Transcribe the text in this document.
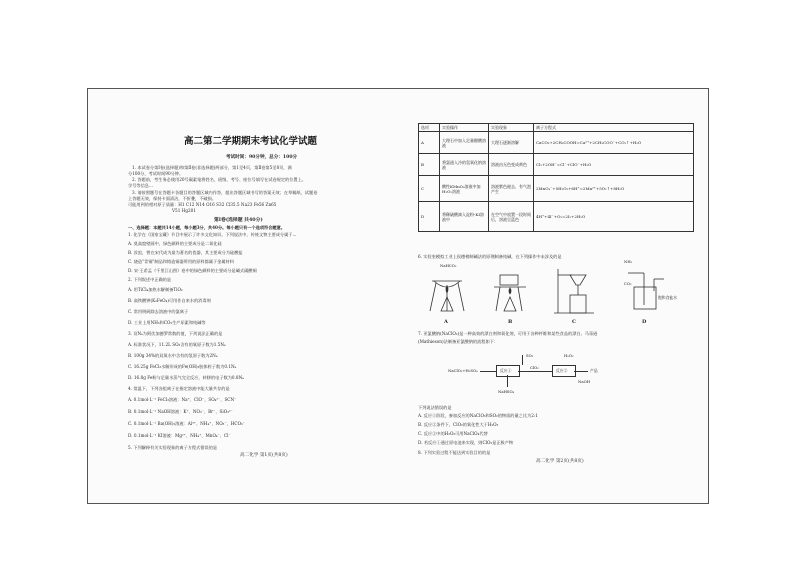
高二第二学期期末考试化学试题
考试时间：90分钟，总分：100分
1. 本试卷分第Ⅰ卷(选择题)和第Ⅱ卷(非选择题)两部分，第1至4页，第Ⅱ卷第5至8页，满
分100分，考试时间90分钟。
2. 答题前，考生务必使用20号碳素笔将姓名、班级、考号、座位号填写在试卷规定的位置上。
学号等信息...
3. 请按照题号在答题卡各题目的答题区域内作答，超出答题区域书写的答案无效；在草稿纸、试题卷
上答题无效，保持卡面清洁，不折叠，不破损。
可能用到的相对原子质量：H1 C12 N14 O16 S32 Cl35.5 Na23 Fe56 Zn65
V51 Hg201
第Ⅰ卷(选择题 共40分)
一、选择题：本题共14小题，每小题3分，共40分。每小题只有一个选项符合题意。
1. 化学在《国家宝藏》节目中展示了许多文化知识。下列说法中，传统文物主要成分属于...
A. 莫高窟壁画中，绿色颜料的主要成分是二氧化硅
B. 汝窑，曾在宋代成为最为著名的瓷器，其主要成分为硅酸盐
C. 烧造"青铜"制品和铸造铜器所用的原料都属于金属材料
D. 宋·王希孟《千里江山图》卷中的绿色颜料的主要成分是碱式碳酸铜
2. 下列叙述中正确的是
A. 用TiCl₄加热水解制备TiO₂
B. 高铁酸钾(K₂FeO₄)可用作自来水的消毒剂
C. 常用明矾除去溶液中的氯离子
D. 工业上用NH₃和CO₂生产尿素和纯碱等
3. 设Nₐ为阿伏加德罗常数的值，下列说法正确的是
A. 标准状况下，11.2L SO₃含有的氧原子数为1.5Nₐ
B. 100g 34%的双氧水中含有的氢原子数为2Nₐ
C. 16.25g FeCl₃水解形成的Fe(OH)₃胶体粒子数为0.1Nₐ
D. 16.8g Fe粉与足量水蒸气完全反应，转移的电子数为0.8Nₐ
4. 常温下，下列各组离子在指定溶液中能大量共存的是
A. 0.1mol·L⁻¹ FeCl₃溶液：Na⁺、ClO⁻、SO₄²⁻、SCN⁻
B. 0.1mol·L⁻¹ NaOH溶液：K⁺、NO₃⁻、Br⁻、SiO₃²⁻
C. 0.1mol·L⁻¹ Ba(OH)₂溶液：Al³⁺、NH₄⁺、NO₃⁻、HCO₃⁻
D. 0.1mol·L⁻¹ KI溶液：Mg²⁺、NH₄⁺、MnO₄⁻、Cl⁻
5. 下列解释有关实验现象的离子方程式错误的是
高二化学 第1页(共8页)
选项	实验操作	实验现象	离子方程式
A	大理石中加入足量醋酸溶液	大理石逐渐溶解	CaCO₃+2CH₃COOH=Ca²⁺+2CH₃COO⁻+CO₂↑+H₂O
B	将氯通入冷的氢氧化钠溶液	溶液由无色变成黄色	Cl₂+2OH⁻=Cl⁻+ClO⁻+H₂O
C	酸性KMnO₄溶液中加H₂O₂溶液	溶液紫色褪去，有气泡产生	2MnO₄⁻+5H₂O₂+6H⁺=2Mn²⁺+5O₂↑+8H₂O
D	将稀硫酸滴入淀粉-KI溶液中	在空气中放置一段时间后，溶液呈蓝色	4H⁺+4I⁻+O₂=2I₂+2H₂O
6. 实验室模拟工业上侯德榜制碱法的原理制备纯碱，在下列操作中未涉及的是
NaHCO₃
A	B	C
NH₃
CO₂
饱和食盐水
D
7. 亚氯酸钠(NaClO₂)是一种高效的漂白剂和氧化剂，可用于各种纤维和某些食品的漂白。马蒂逊
(Mathieson)法制备亚氯酸钠的流程如下：
NaClO₃+H₂SO₄	反应①
SO₂
ClO₂
反应②
H₂O₂
NaOH
产品
NaHSO₄
下列说法错误的是
A. 反应①阶段，参加反应的NaClO₃和SO₂的物质的量之比为2:1
B. 反应②条件下，ClO₂的氧化性大于H₂O₂
C. 反应②中的H₂O₂可用NaClO₄代替
D. 若反应①通过原电池来实现，则ClO₂是正极产物
8. 下列实验过程不能达到实验目的的是
高二化学 第2页(共8页)
